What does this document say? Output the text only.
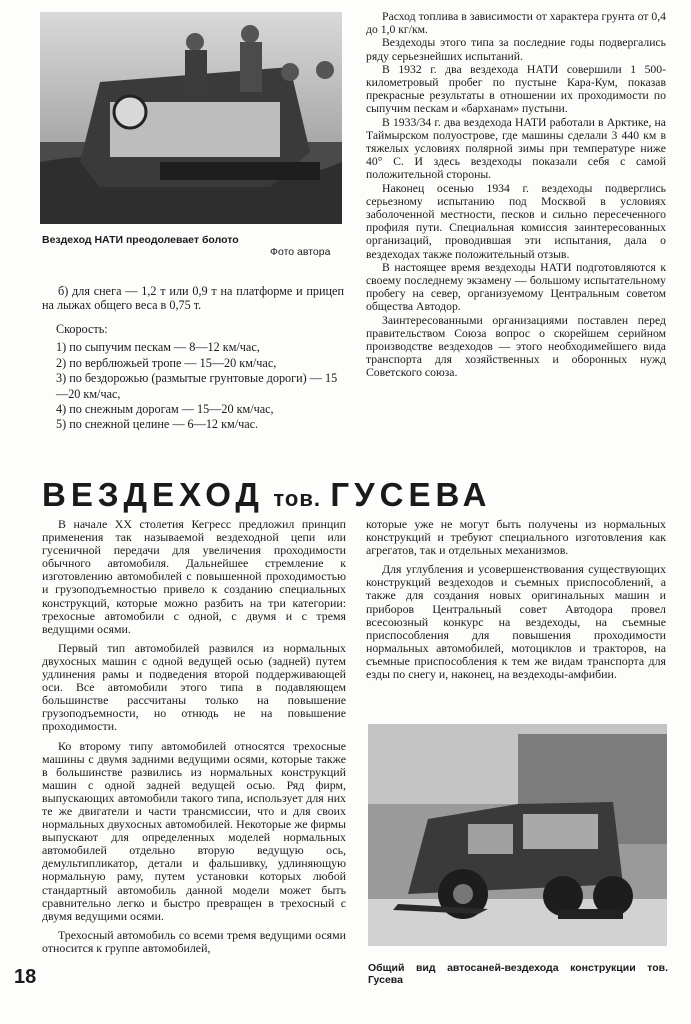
Вездеход НАТИ преодолевает болото
Фото автора

б) для снега — 1,2 т или 0,9 т на платформе и прицеп на лыжах общего веса в 0,75 т.

Скорость:
1) по сыпучим пескам — 8—12 км/час,
2) по верблюжьей тропе — 15—20 км/час,
3) по бездорожью (размытые грунтовые дороги) — 15—20 км/час,
4) по снежным дорогам — 15—20 км/час,
5) по снежной целине — 6—12 км/час.

Расход топлива в зависимости от характера грунта от 0,4 до 1,0 кг/км.

Вездеходы этого типа за последние годы подвергались ряду серьезнейших испытаний.

В 1932 г. два вездехода НАТИ совершили 1 500-километровый пробег по пустыне Кара-Кум, показав прекрасные результаты в отношении их проходимости по сыпучим пескам и «барханам» пустыни.

В 1933/34 г. два вездехода НАТИ работали в Арктике, на Таймырском полуострове, где машины сделали 3 440 км в тяжелых условиях полярной зимы при температуре ниже 40° С. И здесь вездеходы показали себя с самой положительной стороны.

Наконец осенью 1934 г. вездеходы подверглись серьезному испытанию под Москвой в условиях заболоченной местности, песков и сильно пересеченного профиля пути. Специальная комиссия заинтересованных организаций, проводившая эти испытания, дала о вездеходах также положительный отзыв.

В настоящее время вездеходы НАТИ подготовляются к своему последнему экзамену — большому испытательному пробегу на север, организуемому Центральным советом общества Автодор.

Заинтересованными организациями поставлен перед правительством Союза вопрос о скорейшем серийном производстве вездеходов — этого необходимейшего вида транспорта для хозяйственных и оборонных нужд Советского союза.

ВЕЗДЕХОД тов. ГУСЕВА

В начале XX столетия Кегресс предложил принцип применения так называемой вездеходной цепи или гусеничной передачи для увеличения проходимости обычного автомобиля. Дальнейшее стремление к изготовлению автомобилей с повышенной проходимостью и грузоподъемностью привело к созданию специальных конструкций, которые можно разбить на три категории: трехосные автомобили с одной, с двумя и с тремя ведущими осями.

Первый тип автомобилей развился из нормальных двухосных машин с одной ведущей осью (задней) путем удлинения рамы и подведения второй поддерживающей оси. Все автомобили этого типа в подавляющем большинстве рассчитаны только на повышение грузоподъемности, но отнюдь не на повышение проходимости.

Ко второму типу автомобилей относятся трехосные машины с двумя задними ведущими осями, которые также в большинстве развились из нормальных конструкций машин с одной задней ведущей осью. Ряд фирм, выпускающих автомобили такого типа, использует для них те же двигатели и части трансмиссии, что и для своих нормальных двухосных автомобилей. Некоторые же фирмы выпускают для определенных моделей нормальных автомобилей отдельно вторую ведущую ось, демультипликатор, детали и фальшивку, удлиняющую нормальную раму, путем установки которых любой стандартный автомобиль данной модели может быть сравнительно легко и быстро превращен в трехосный с двумя ведущими осями.

Трехосный автомобиль со всеми тремя ведущими осями относится к группе автомобилей,

которые уже не могут быть получены из нормальных конструкций и требуют специального изготовления как агрегатов, так и отдельных механизмов.

Для углубления и усовершенствования существующих конструкций вездеходов и съемных приспособлений, а также для создания новых оригинальных машин и приборов Центральный совет Автодора провел всесоюзный конкурс на вездеходы, на съемные приспособления для повышения проходимости нормальных автомобилей, мотоциклов и тракторов, на съемные приспособления к тем же видам транспорта для езды по снегу и, наконец, на вездеходы-амфибии.

Общий вид автосаней-вездехода конструкции тов. Гусева
18
